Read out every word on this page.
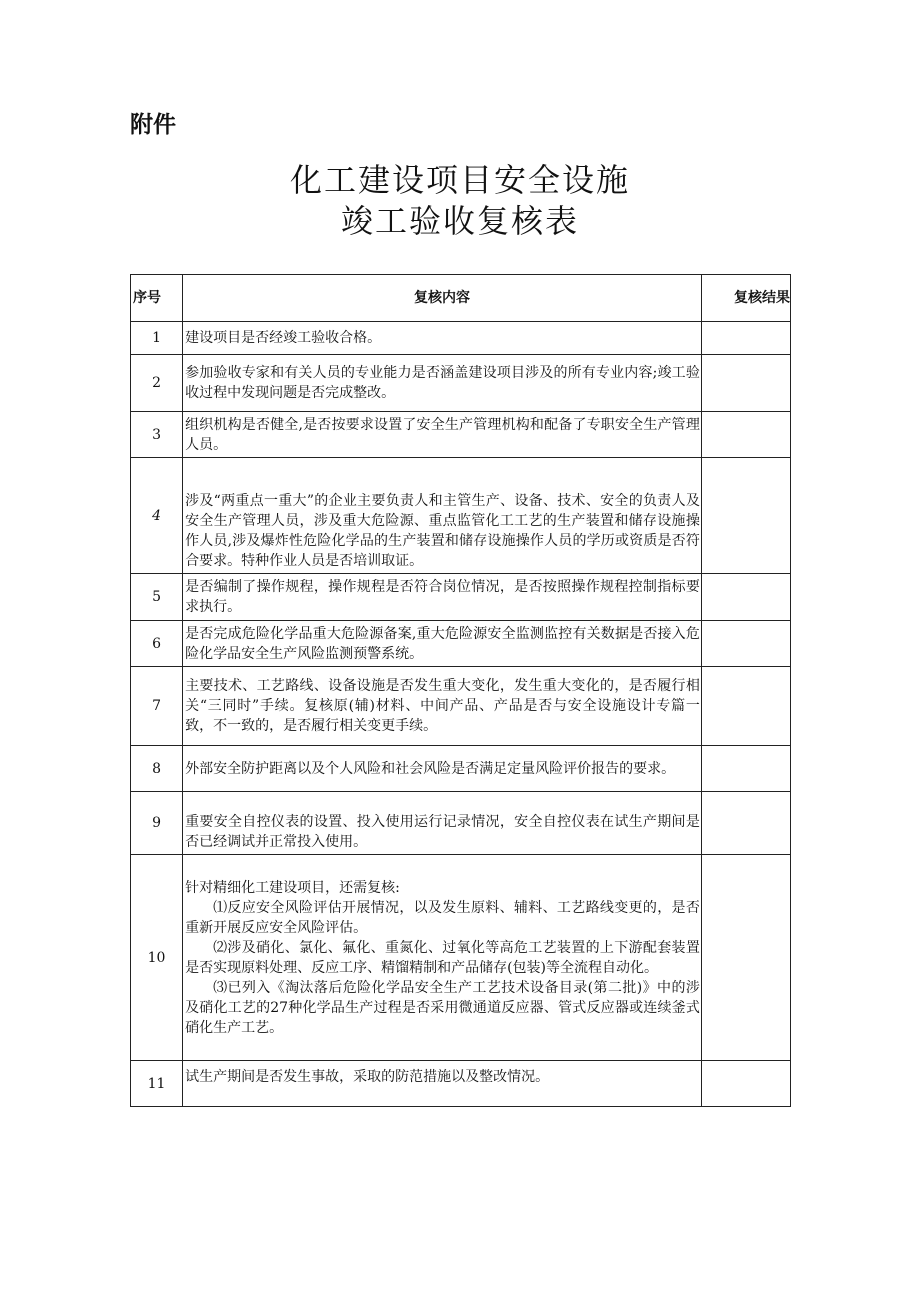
附件
化工建设项目安全设施
竣工验收复核表
序号	复核内容	复核结果
1	建设项目是否经竣工验收合格。	
2	参加验收专家和有关人员的专业能力是否涵盖建设项目涉及的所有专业内容;竣工验收过程中发现问题是否完成整改。	
3	组织机构是否健全,是否按要求设置了安全生产管理机构和配备了专职安全生产管理人员。	
4	涉及“两重点一重大”的企业主要负责人和主管生产、设备、技术、安全的负责人及安全生产管理人员，涉及重大危险源、重点监管化工工艺的生产装置和储存设施操作人员,涉及爆炸性危险化学品的生产装置和储存设施操作人员的学历或资质是否符合要求。特种作业人员是否培训取证。	
5	是否编制了操作规程，操作规程是否符合岗位情况，是否按照操作规程控制指标要求执行。	
6	是否完成危险化学品重大危险源备案,重大危险源安全监测监控有关数据是否接入危险化学品安全生产风险监测预警系统。	
7	主要技术、工艺路线、设备设施是否发生重大变化，发生重大变化的，是否履行相关“三同时”手续。复核原(辅)材料、中间产品、产品是否与安全设施设计专篇一致，不一致的，是否履行相关变更手续。	
8	外部安全防护距离以及个人风险和社会风险是否满足定量风险评价报告的要求。	
9	重要安全自控仪表的设置、投入使用运行记录情况，安全自控仪表在试生产期间是否已经调试并正常投入使用。	
10	针对精细化工建设项目，还需复核:
⑴反应安全风险评估开展情况，以及发生原料、辅料、工艺路线变更的，是否重新开展反应安全风险评估。
⑵涉及硝化、氯化、氟化、重氮化、过氧化等高危工艺装置的上下游配套装置是否实现原料处理、反应工序、精馏精制和产品储存(包装)等全流程自动化。
⑶已列入《淘汰落后危险化学品安全生产工艺技术设备目录(第二批)》中的涉及硝化工艺的27种化学品生产过程是否采用微通道反应器、管式反应器或连续釜式硝化生产工艺。	

11	试生产期间是否发生事故，采取的防范措施以及整改情况。	
